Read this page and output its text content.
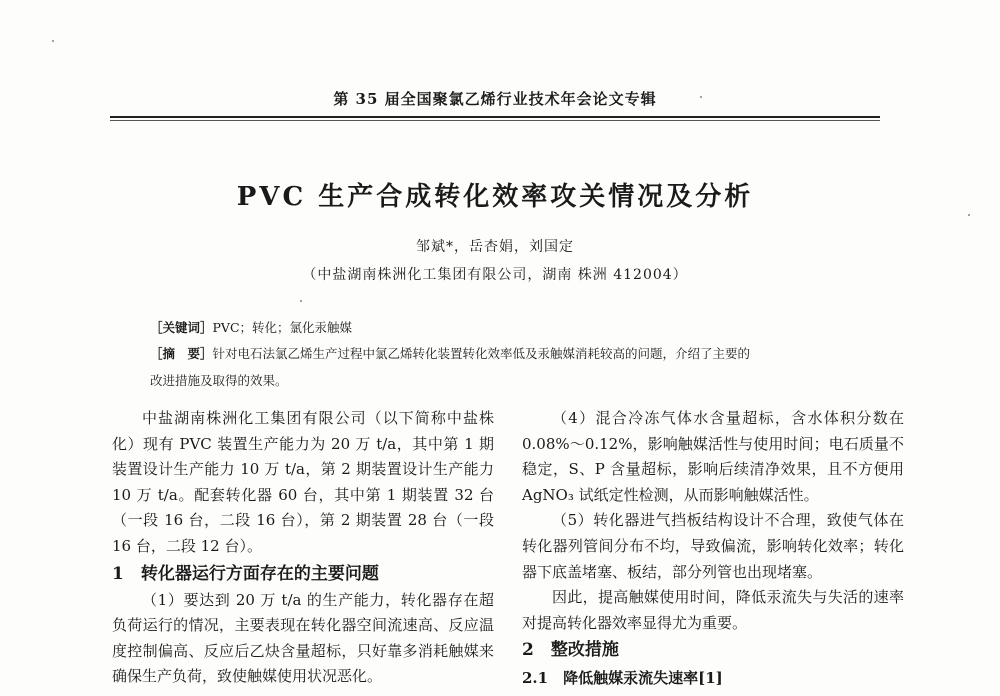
第 35 届全国聚氯乙烯行业技术年会论文专辑
PVC 生产合成转化效率攻关情况及分析
邹斌*，岳杏娟，刘国定
（中盐湖南株洲化工集团有限公司，湖南 株洲 412004）
［关键词］PVC；转化；氯化汞触媒
［摘　要］针对电石法氯乙烯生产过程中氯乙烯转化装置转化效率低及汞触媒消耗较高的问题，介绍了主要的
改进措施及取得的效果。

中盐湖南株洲化工集团有限公司（以下简称中盐株化）现有 PVC 装置生产能力为 20 万 t/a，其中第 1 期装置设计生产能力 10 万 t/a，第 2 期装置设计生产能力 10 万 t/a。配套转化器 60 台，其中第 1 期装置 32 台（一段 16 台，二段 16 台），第 2 期装置 28 台（一段 16 台，二段 12 台）。

1　转化器运行方面存在的主要问题

（1）要达到 20 万 t/a 的生产能力，转化器存在超负荷运行的情况，主要表现在转化器空间流速高、反应温度控制偏高、反应后乙炔含量超标，只好靠多消耗触媒来确保生产负荷，致使触媒使用状况恶化。

（4）混合冷冻气体水含量超标，含水体积分数在 0.08%～0.12%，影响触媒活性与使用时间；电石质量不稳定，S、P 含量超标，影响后续清净效果，且不方便用 AgNO₃ 试纸定性检测，从而影响触媒活性。

（5）转化器进气挡板结构设计不合理，致使气体在转化器列管间分布不均，导致偏流，影响转化效率；转化器下底盖堵塞、板结，部分列管也出现堵塞。

因此，提高触媒使用时间，降低汞流失与失活的速率对提高转化器效率显得尤为重要。

2　整改措施
2.1　降低触媒汞流失速率[1]
